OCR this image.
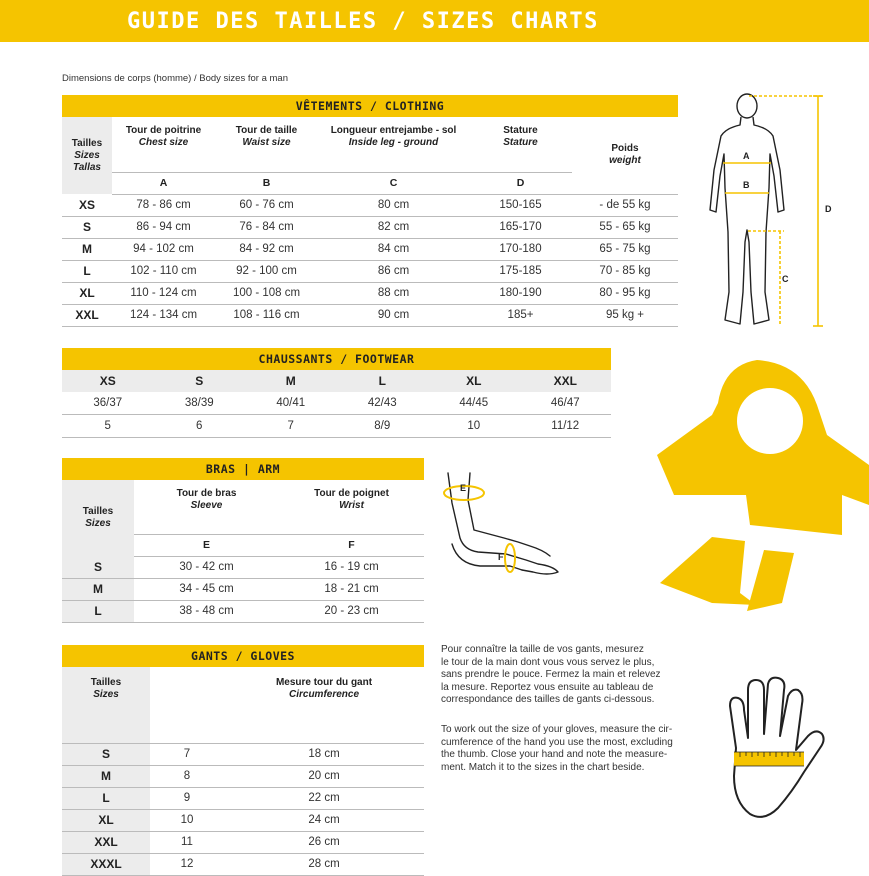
GUIDE DES TAILLES / SIZES CHARTS
Dimensions de corps (homme) / Body sizes for a man
VÊTEMENTS / CLOTHING
Tailles
Sizes
Tallas	Tour de poitrine
Chest size	Tour de taille
Waist size	Longueur entrejambe - sol
Inside leg - ground	Stature
Stature	Poids
weight

	A	B	C	D	
XS	78 - 86 cm	60 - 76 cm	80 cm	150-165	- de 55 kg
S	86 - 94 cm	76 - 84 cm	82 cm	165-170	55 - 65 kg
M	94 - 102 cm	84 - 92 cm	84 cm	170-180	65 - 75 kg
L	102 - 110 cm	92 - 100 cm	86 cm	175-185	70 - 85 kg
XL	110 - 124 cm	100 - 108 cm	88 cm	180-190	80 - 95 kg
XXL	124 - 134 cm	108 - 116 cm	90 cm	185+	95 kg +
A
B
C
D
CHAUSSANTS / FOOTWEAR
XS	S	M	L	XL	XXL
36/37	38/39	40/41	42/43	44/45	46/47
5	6	7	8/9	10	11/12
BRAS | ARM
Tailles
Sizes	Tour de bras
Sleeve	Tour de poignet
Wrist

	E	F
S	30 - 42 cm	16 - 19 cm
M	34 - 45 cm	18 - 21 cm
L	38 - 48 cm	20 - 23 cm
E
F
GANTS / GLOVES
Tailles
Sizes		Mesure tour du gant
Circumference

S	7	18 cm
M	8	20 cm
L	9	22 cm
XL	10	24 cm
XXL	11	26 cm
XXXL	12	28 cm
Pour connaître la taille de vos gants, mesurez
le tour de la main dont vous vous servez le plus,
sans prendre le pouce. Fermez la main et relevez
la mesure. Reportez vous ensuite au tableau de
correspondance des tailles de gants ci-dessous.
To work out the size of your gloves, measure the cir-
cumference of the hand you use the most, excluding
the thumb. Close your hand and note the measure-
ment. Match it to the sizes in the chart beside.
